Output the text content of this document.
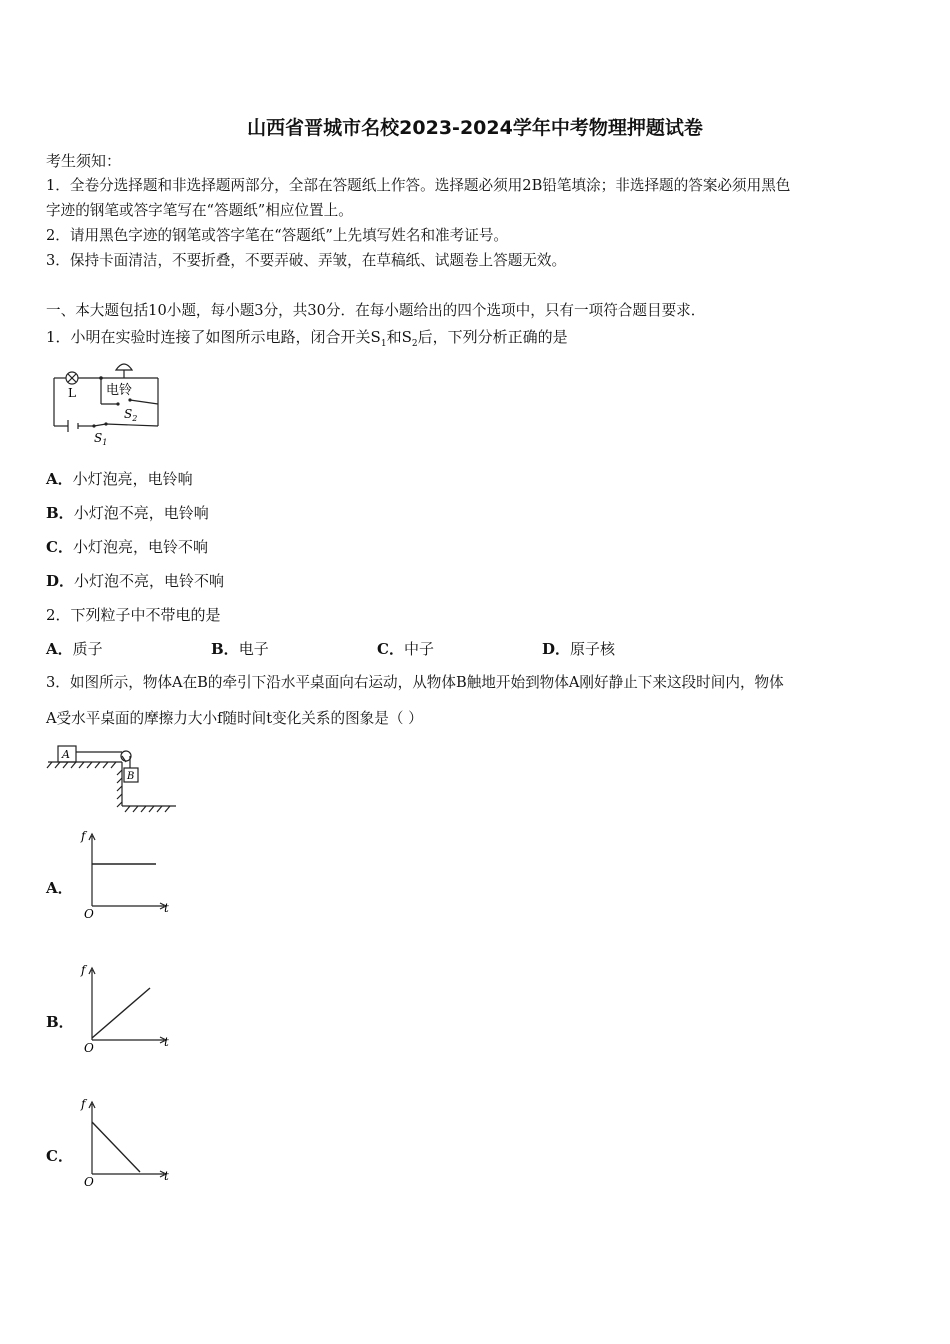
山西省晋城市名校2023-2024学年中考物理押题试卷
考生须知：
1．全卷分选择题和非选择题两部分，全部在答题纸上作答。选择题必须用2B铅笔填涂；非选择题的答案必须用黑色
字迹的钢笔或答字笔写在“答题纸”相应位置上。
2．请用黑色字迹的钢笔或答字笔在“答题纸”上先填写姓名和准考证号。
3．保持卡面清洁，不要折叠，不要弄破、弄皱，在草稿纸、试题卷上答题无效。
一、本大题包括10小题，每小题3分，共30分．在每小题给出的四个选项中，只有一项符合题目要求．
1．小明在实验时连接了如图所示电路，闭合开关$S_1$和$S_2$后，下列分析正确的是
L 电铃
$S_2$
$S_1$
A．小灯泡亮，电铃响
B．小灯泡不亮，电铃响
C．小灯泡亮，电铃不响
D．小灯泡不亮，电铃不响
2．下列粒子中不带电的是
A．质子	B．电子	C．中子	D．原子核
3．如图所示，物体A在B的牵引下沿水平桌面向右运动，从物体B触地开始到物体A刚好静止下来这段时间内，物体
A受水平桌面的摩擦力大小f随时间t变化关系的图象是（ ）
A
B
A．
f
t
O
B．
f
t
O
C．
f
t
O
